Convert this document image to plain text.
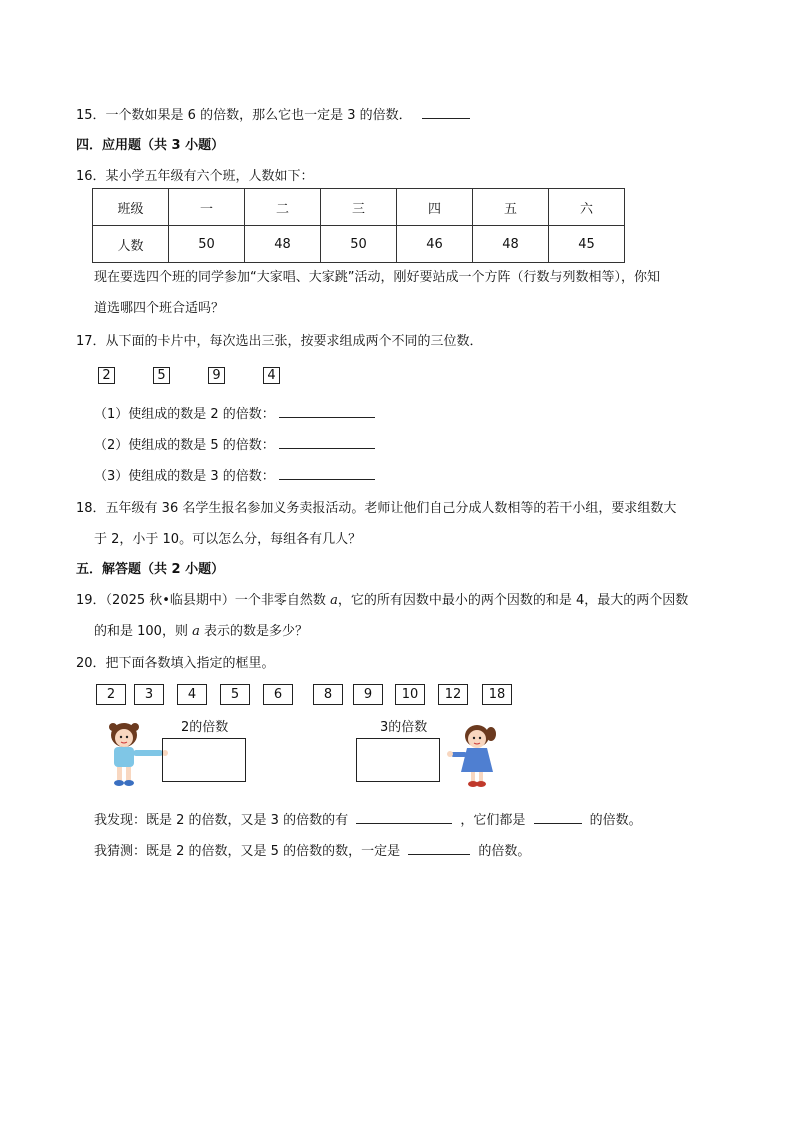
15．一个数如果是 6 的倍数，那么它也一定是 3 的倍数．
四．应用题（共 3 小题）
16．某小学五年级有六个班，人数如下：
班级	一	二	三	四	五	六
人数	50	48	50	46	48	45
现在要选四个班的同学参加“大家唱、大家跳”活动，刚好要站成一个方阵（行数与列数相等），你知
道选哪四个班合适吗？
17．从下面的卡片中，每次选出三张，按要求组成两个不同的三位数．
2	5	9	4
（1）使组成的数是 2 的倍数：
（2）使组成的数是 5 的倍数：
（3）使组成的数是 3 的倍数：
18．五年级有 36 名学生报名参加义务卖报活动。老师让他们自己分成人数相等的若干小组，要求组数大
于 2，小于 10。可以怎么分，每组各有几人？
五．解答题（共 2 小题）
19．（2025 秋•临县期中）一个非零自然数 a，它的所有因数中最小的两个因数的和是 4，最大的两个因数
的和是 100，则 a 表示的数是多少？
20．把下面各数填入指定的框里。
2	3	4	5	6	8	9	10	12	18
2的倍数	3的倍数
我发现：既是 2 的倍数，又是 3 的倍数的有	，它们都是	的倍数。
我猜测：既是 2 的倍数，又是 5 的倍数的数，一定是	的倍数。
